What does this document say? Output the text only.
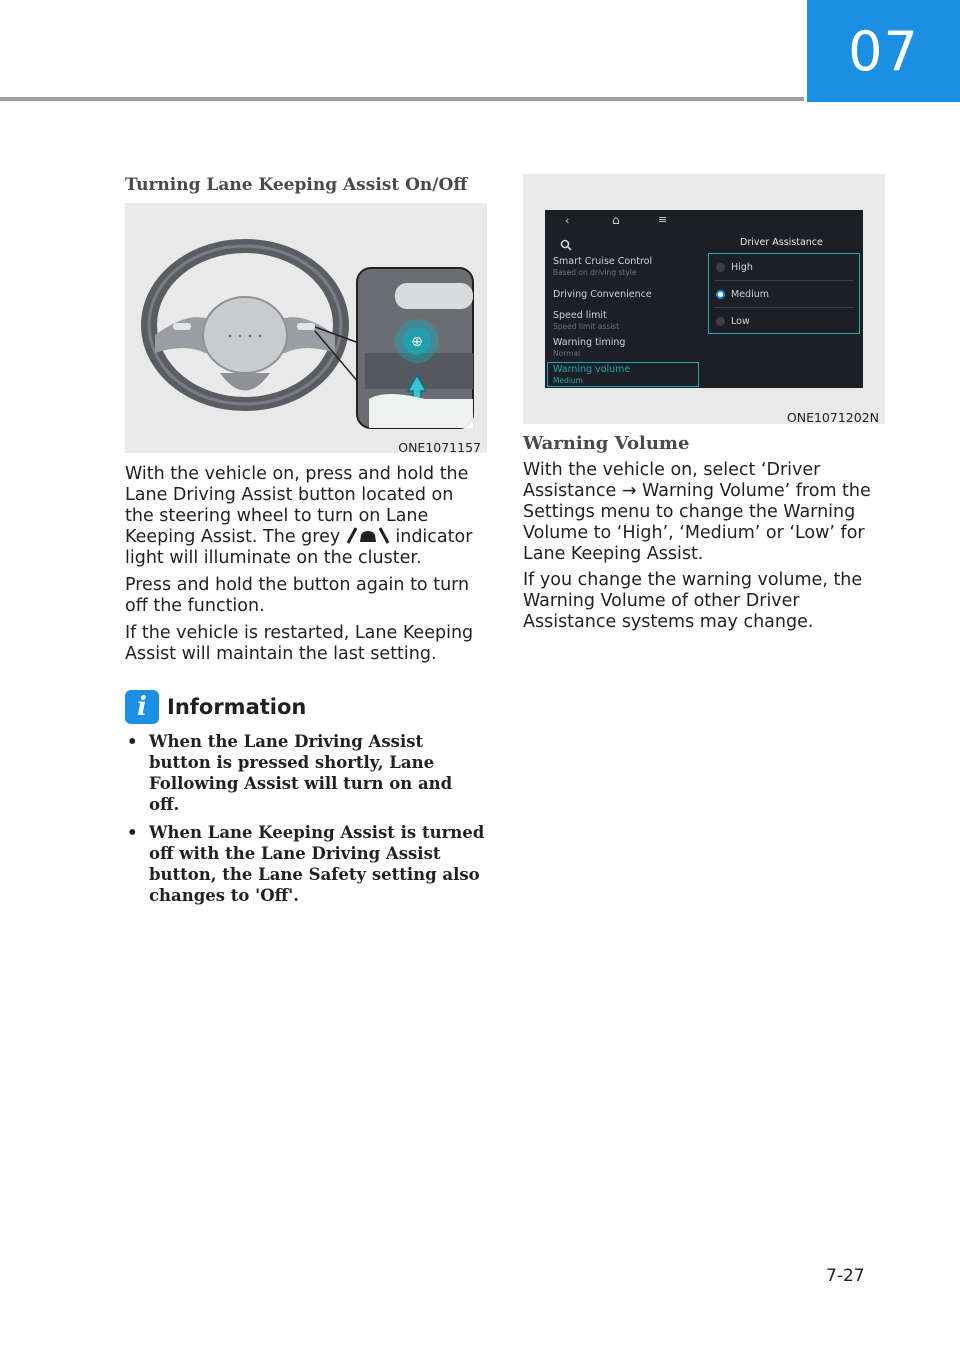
07
Turning Lane Keeping Assist On/Off
⊕
ONE1071157
With the vehicle on, press and hold the Lane Driving Assist button located on the steering wheel to turn on Lane Keeping Assist. The grey	indicator light will illuminate on the cluster.
Press and hold the button again to turn off the function.
If the vehicle is restarted, Lane Keeping Assist will maintain the last setting.
i Information
• When the Lane Driving Assist button is pressed shortly, Lane Following Assist will turn on and off.
• When Lane Keeping Assist is turned off with the Lane Driving Assist button, the Lane Safety setting also changes to 'Off'.
‹	⌂	≡
Driver Assistance
Smart Cruise Control
Based on driving style
Driving Convenience
Speed limit
Speed limit assist
Warning timing
Normal
Warning volume
Medium
High
Medium
Low
ONE1071202N
Warning Volume
With the vehicle on, select ‘Driver Assistance → Warning Volume’ from the Settings menu to change the Warning Volume to ‘High’, ‘Medium’ or ‘Low’ for Lane Keeping Assist.
If you change the warning volume, the Warning Volume of other Driver Assistance systems may change.
7-27
